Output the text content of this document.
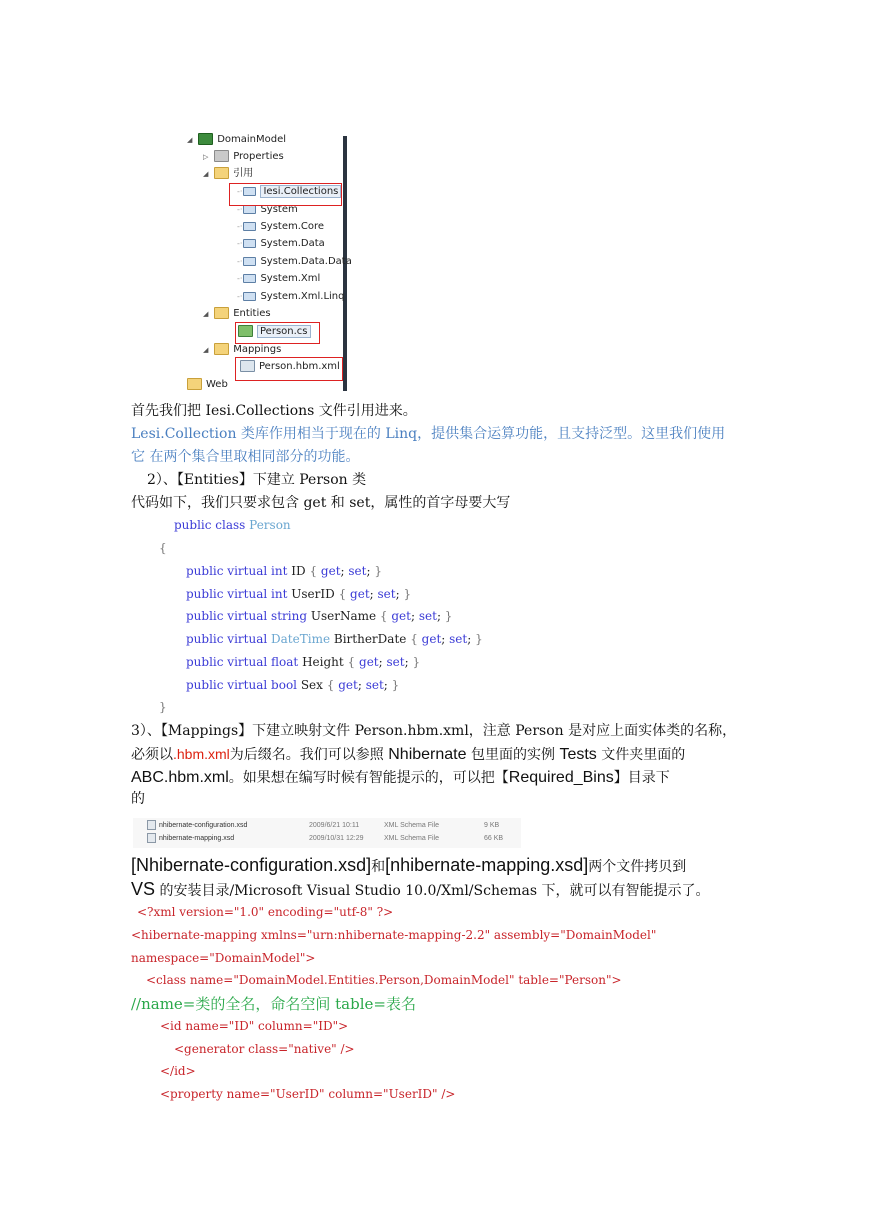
◢ DomainModel
▷ Properties
◢ 引用
-· Iesi.Collections
-· System
-· System.Core
-· System.Data
-· System.Data.Data
-· System.Xml
-· System.Xml.Linq
◢ Entities
Person.cs
◢ Mappings
Person.hbm.xml
Web
首先我们把 Iesi.Collections 文件引用进来。
Lesi.Collection 类库作用相当于现在的 Linq，提供集合运算功能，且支持泛型。这里我们使用
它 在两个集合里取相同部分的功能。
2）、【Entities】下建立 Person 类
代码如下，我们只要求包含 get 和 set，属性的首字母要大写
public class Person
{
public virtual int ID { get; set; }
public virtual int UserID { get; set; }
public virtual string UserName { get; set; }
public virtual DateTime BirtherDate { get; set; }
public virtual float Height { get; set; }
public virtual bool Sex { get; set; }
}
3）、【Mappings】下建立映射文件 Person.hbm.xml，注意 Person 是对应上面实体类的名称，
必须以.hbm.xml为后缀名。我们可以参照 Nhibernate 包里面的实例 Tests 文件夹里面的
ABC.hbm.xml。如果想在编写时候有智能提示的，可以把【Required_Bins】目录下
的
nhibernate-configuration.xsd	2009/6/21 10:11	XML Schema File	9 KB
nhibernate-mapping.xsd	2009/10/31 12:29	XML Schema File	66 KB
[Nhibernate-configuration.xsd]和[nhibernate-mapping.xsd]两个文件拷贝到
VS 的安装目录/Microsoft Visual Studio 10.0/Xml/Schemas 下，就可以有智能提示了。
<?xml version="1.0" encoding="utf-8" ?>
<hibernate-mapping xmlns="urn:nhibernate-mapping-2.2" assembly="DomainModel"
namespace="DomainModel">
<class name="DomainModel.Entities.Person,DomainModel" table="Person">
//name=类的全名，命名空间 table=表名
<id name="ID" column="ID">
<generator class="native" />
</id>
<property name="UserID" column="UserID" />
